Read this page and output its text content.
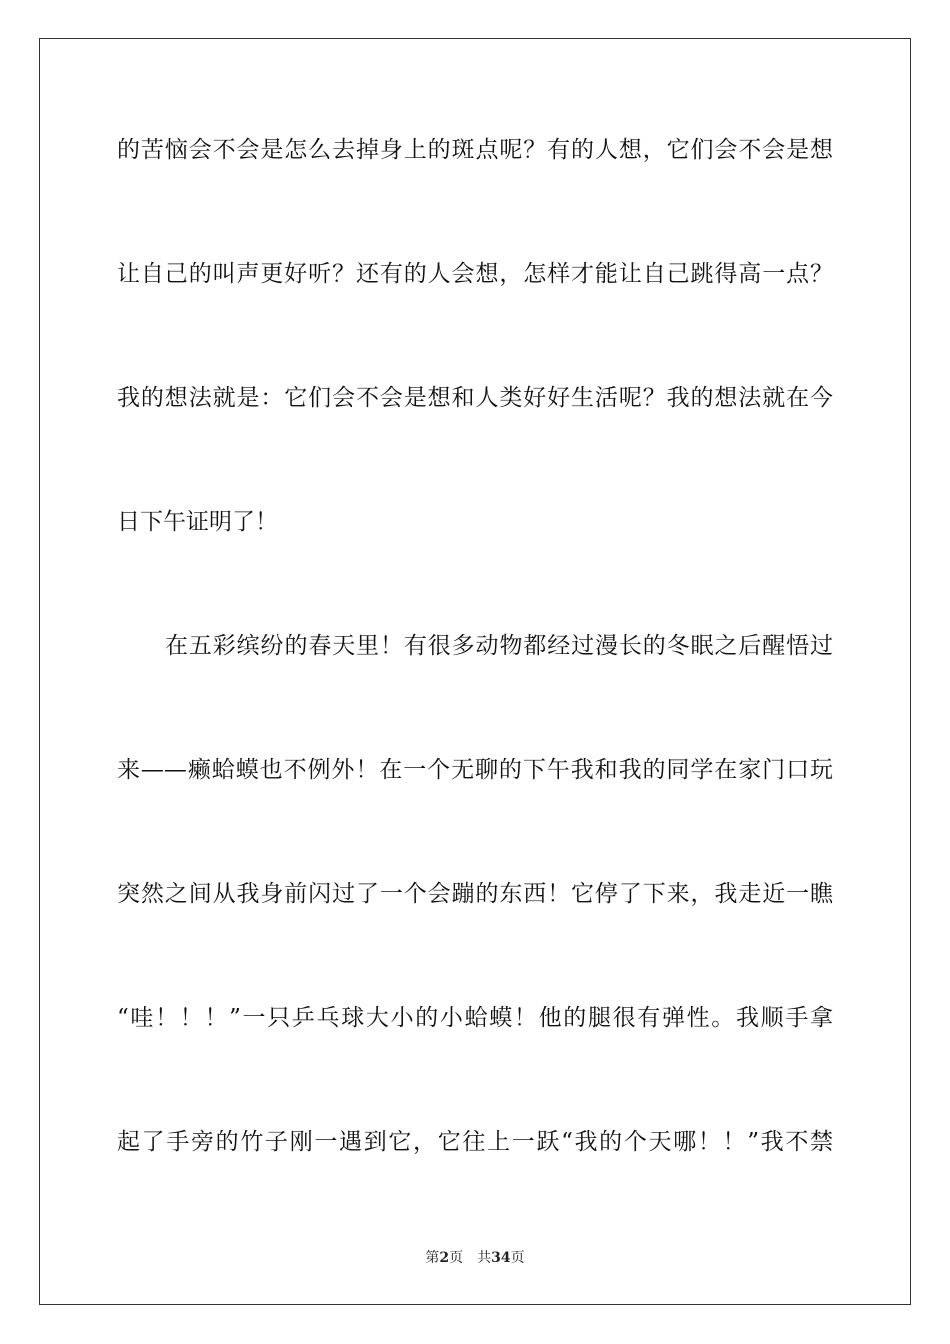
的苦恼会不会是怎么去掉身上的斑点呢？有的人想，它们会不会是想
让自己的叫声更好听？还有的人会想，怎样才能让自己跳得高一点？
我的想法就是：它们会不会是想和人类好好生活呢？我的想法就在今
日下午证明了！
在五彩缤纷的春天里！有很多动物都经过漫长的冬眠之后醒悟过
来——癞蛤蟆也不例外！在一个无聊的下午我和我的同学在家门口玩
突然之间从我身前闪过了一个会蹦的东西！它停了下来，我走近一瞧
“哇！！！”一只乒乓球大小的小蛤蟆！他的腿很有弹性。我顺手拿
起了手旁的竹子刚一遇到它，它往上一跃“我的个天哪！！”我不禁
第2页 共34页
